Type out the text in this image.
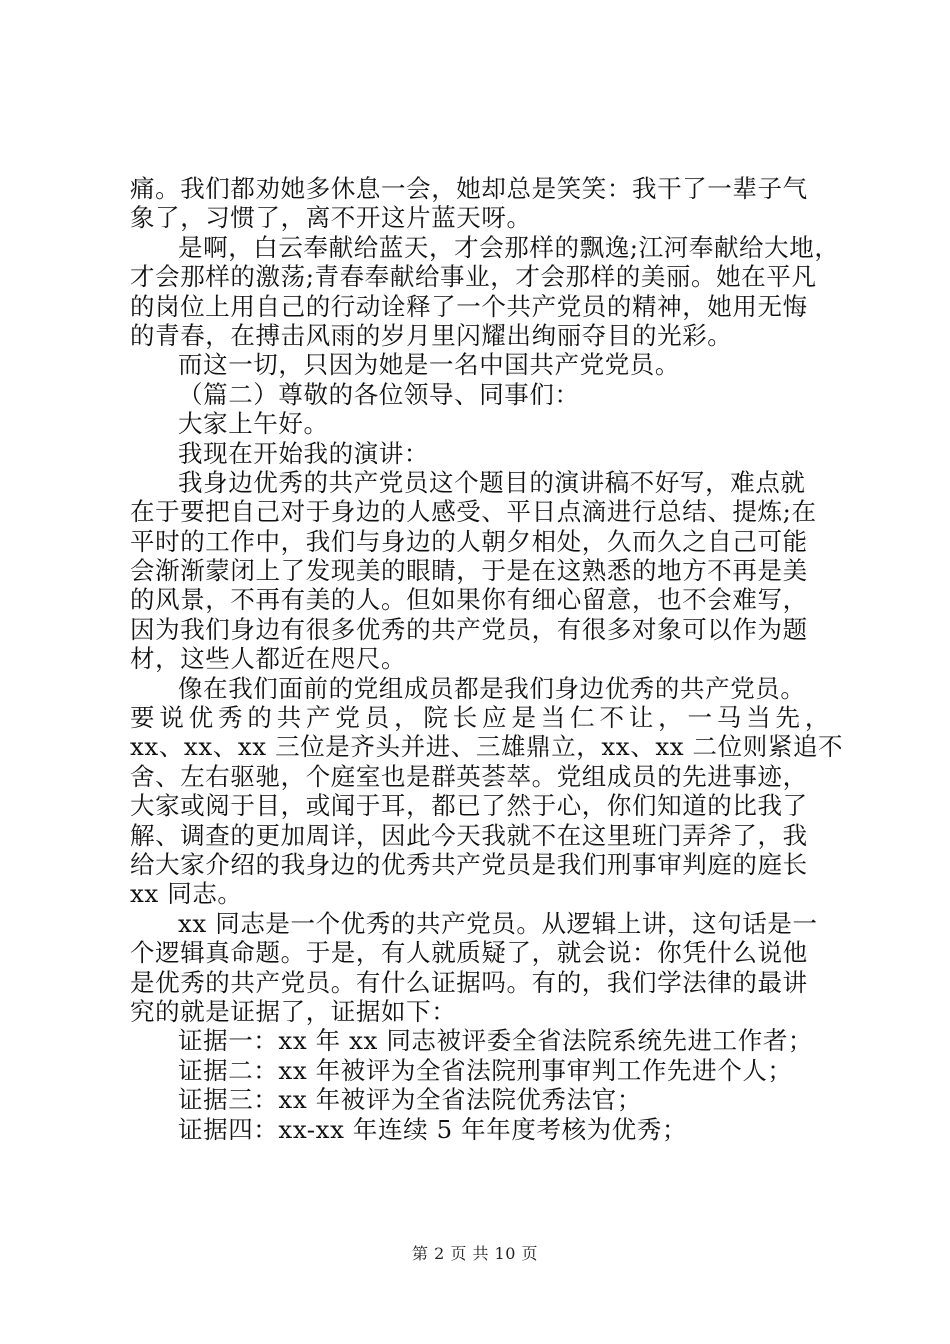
痛。我们都劝她多休息一会，她却总是笑笑：我干了一辈子气
象了，习惯了，离不开这片蓝天呀。
是啊，白云奉献给蓝天，才会那样的飘逸;江河奉献给大地，
才会那样的激荡;青春奉献给事业，才会那样的美丽。她在平凡
的岗位上用自己的行动诠释了一个共产党员的精神，她用无悔
的青春，在搏击风雨的岁月里闪耀出绚丽夺目的光彩。
而这一切，只因为她是一名中国共产党党员。
（篇二）尊敬的各位领导、同事们：
大家上午好。
我现在开始我的演讲：
我身边优秀的共产党员这个题目的演讲稿不好写，难点就
在于要把自己对于身边的人感受、平日点滴进行总结、提炼;在
平时的工作中，我们与身边的人朝夕相处，久而久之自己可能
会渐渐蒙闭上了发现美的眼睛，于是在这熟悉的地方不再是美
的风景，不再有美的人。但如果你有细心留意，也不会难写，
因为我们身边有很多优秀的共产党员，有很多对象可以作为题
材，这些人都近在咫尺。
像在我们面前的党组成员都是我们身边优秀的共产党员。
要说优秀的共产党员，院长应是当仁不让，一马当先，
xx、xx、xx 三位是齐头并进、三雄鼎立，xx、xx 二位则紧追不
舍、左右驱驰，个庭室也是群英荟萃。党组成员的先进事迹，
大家或阅于目，或闻于耳，都已了然于心，你们知道的比我了
解、调查的更加周详，因此今天我就不在这里班门弄斧了，我
给大家介绍的我身边的优秀共产党员是我们刑事审判庭的庭长
xx 同志。
xx 同志是一个优秀的共产党员。从逻辑上讲，这句话是一
个逻辑真命题。于是，有人就质疑了，就会说：你凭什么说他
是优秀的共产党员。有什么证据吗。有的，我们学法律的最讲
究的就是证据了，证据如下：
证据一：xx 年 xx 同志被评委全省法院系统先进工作者；
证据二：xx 年被评为全省法院刑事审判工作先进个人；
证据三：xx 年被评为全省法院优秀法官；
证据四：xx-xx 年连续 5 年年度考核为优秀；
第 2 页 共 10 页
